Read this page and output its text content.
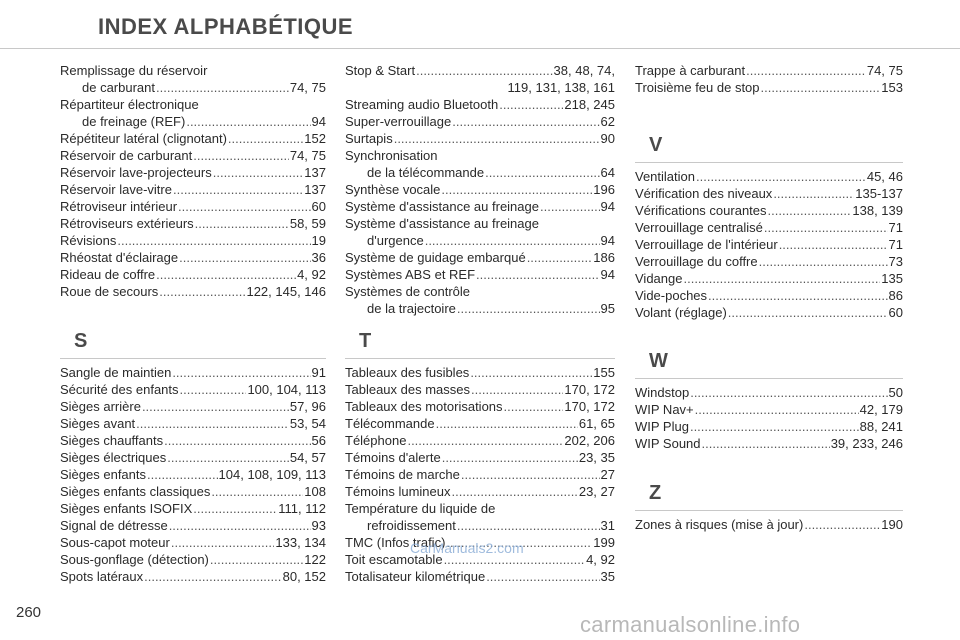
INDEX ALPHABÉTIQUE
Remplissage du réservoir
de carburant .....	74, 75
Répartiteur électronique
de freinage (REF) .....	94
Répétiteur latéral (clignotant) .....	152
Réservoir de carburant .....	74, 75
Réservoir lave-projecteurs .....	137
Réservoir lave-vitre .....	137
Rétroviseur intérieur .....	60
Rétroviseurs extérieurs .....	58, 59
Révisions .....	19
Rhéostat d'éclairage .....	36
Rideau de coffre .....	4, 92
Roue de secours .....	122, 145, 146
S
Sangle de maintien .....	91
Sécurité des enfants .....	100, 104, 113
Sièges arrière .....	57, 96
Sièges avant .....	53, 54
Sièges chauffants .....	56
Sièges électriques .....	54, 57
Sièges enfants .....	104, 108, 109, 113
Sièges enfants classiques .....	108
Sièges enfants ISOFIX .....	111, 112
Signal de détresse .....	93
Sous-capot moteur .....	133, 134
Sous-gonflage (détection) .....	122
Spots latéraux .....	80, 152
Stop & Start .....	38, 48, 74,
119, 131, 138, 161
Streaming audio Bluetooth .....	218, 245
Super-verrouillage .....	62
Surtapis .....	90
Synchronisation
de la télécommande .....	64
Synthèse vocale .....	196
Système d'assistance au freinage .....	94
Système d'assistance au freinage
d'urgence .....	94
Système de guidage embarqué .....	186
Systèmes ABS et REF .....	94
Systèmes de contrôle
de la trajectoire .....	95
T
Tableaux des fusibles .....	155
Tableaux des masses .....	170, 172
Tableaux des motorisations .....	170, 172
Télécommande .....	61, 65
Téléphone .....	202, 206
Témoins d'alerte .....	23, 35
Témoins de marche .....	27
Témoins lumineux .....	23, 27
Température du liquide de
refroidissement .....	31
TMC (Infos trafic) .....	199
Toit escamotable .....	4, 92
Totalisateur kilométrique .....	35
Trappe à carburant .....	74, 75
Troisième feu de stop .....	153
V
Ventilation .....	45, 46
Vérification des niveaux .....	135-137
Vérifications courantes .....	138, 139
Verrouillage centralisé .....	71
Verrouillage de l'intérieur .....	71
Verrouillage du coffre .....	73
Vidange .....	135
Vide-poches .....	86
Volant (réglage) .....	60
W
Windstop .....	50
WIP Nav+ .....	42, 179
WIP Plug .....	88, 241
WIP Sound .....	39, 233, 246
Z
Zones à risques (mise à jour) .....	190
260
CarManuals2.com
carmanualsonline.info
